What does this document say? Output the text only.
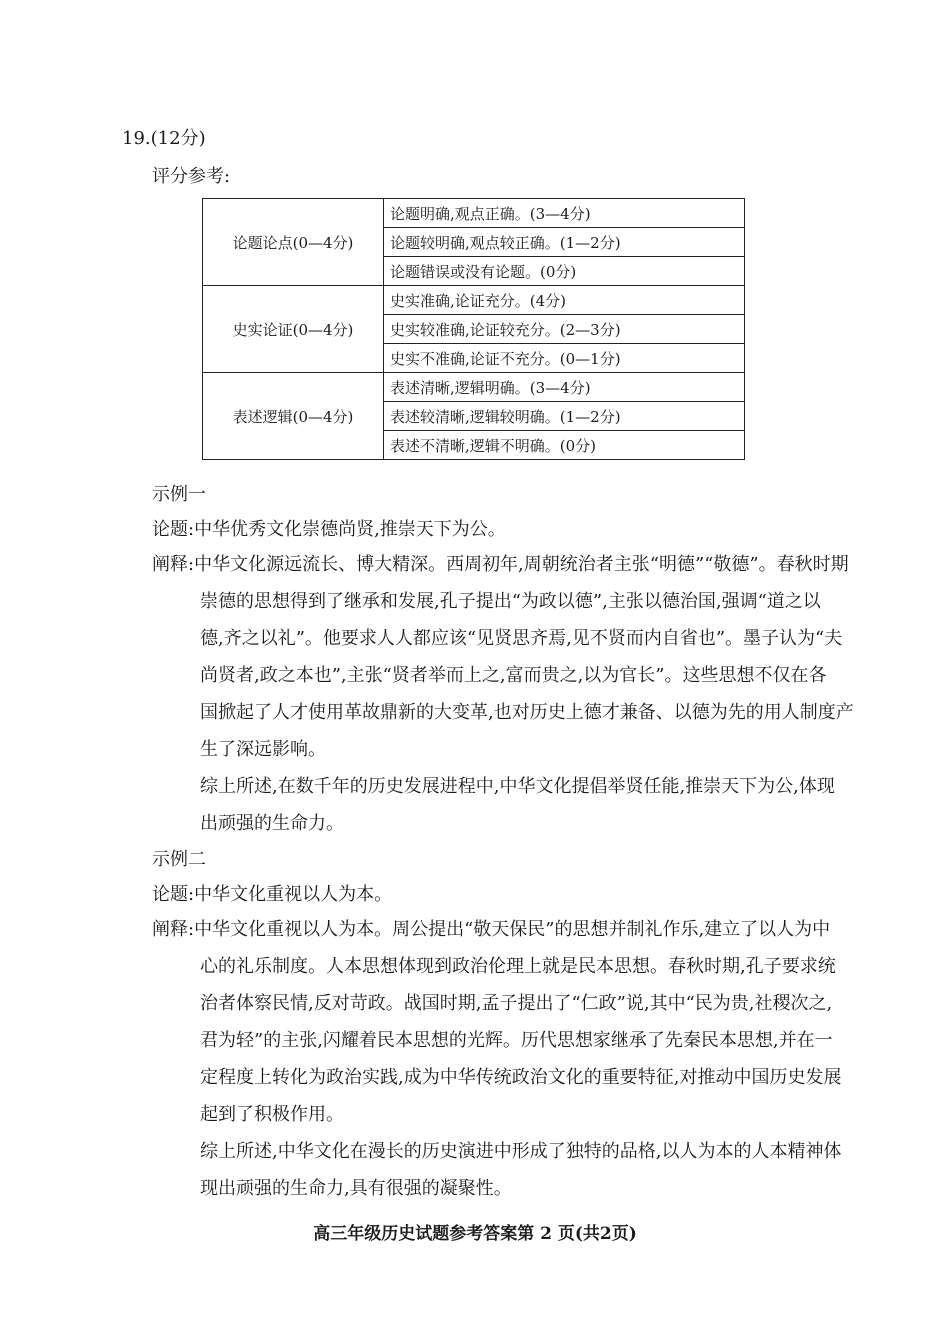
19.(12分)
评分参考:
论题论点(0—4分)	论题明确,观点正确。(3—4分)
	论题较明确,观点较正确。(1—2分)
	论题错误或没有论题。(0分)
史实论证(0—4分)	史实准确,论证充分。(4分)
	史实较准确,论证较充分。(2—3分)
	史实不准确,论证不充分。(0—1分)
表述逻辑(0—4分)	表述清晰,逻辑明确。(3—4分)
	表述较清晰,逻辑较明确。(1—2分)
	表述不清晰,逻辑不明确。(0分)
示例一
论题:中华优秀文化崇德尚贤,推崇天下为公。
阐释:中华文化源远流长、博大精深。西周初年,周朝统治者主张“明德”“敬德”。春秋时期
崇德的思想得到了继承和发展,孔子提出“为政以德”,主张以德治国,强调“道之以
德,齐之以礼”。他要求人人都应该“见贤思齐焉,见不贤而内自省也”。墨子认为“夫
尚贤者,政之本也”,主张“贤者举而上之,富而贵之,以为官长”。这些思想不仅在各
国掀起了人才使用革故鼎新的大变革,也对历史上德才兼备、以德为先的用人制度产
生了深远影响。
综上所述,在数千年的历史发展进程中,中华文化提倡举贤任能,推崇天下为公,体现
出顽强的生命力。
示例二
论题:中华文化重视以人为本。
阐释:中华文化重视以人为本。周公提出“敬天保民”的思想并制礼作乐,建立了以人为中
心的礼乐制度。人本思想体现到政治伦理上就是民本思想。春秋时期,孔子要求统
治者体察民情,反对苛政。战国时期,孟子提出了“仁政”说,其中“民为贵,社稷次之,
君为轻”的主张,闪耀着民本思想的光辉。历代思想家继承了先秦民本思想,并在一
定程度上转化为政治实践,成为中华传统政治文化的重要特征,对推动中国历史发展
起到了积极作用。
综上所述,中华文化在漫长的历史演进中形成了独特的品格,以人为本的人本精神体
现出顽强的生命力,具有很强的凝聚性。
高三年级历史试题参考答案第 2 页(共2页)
